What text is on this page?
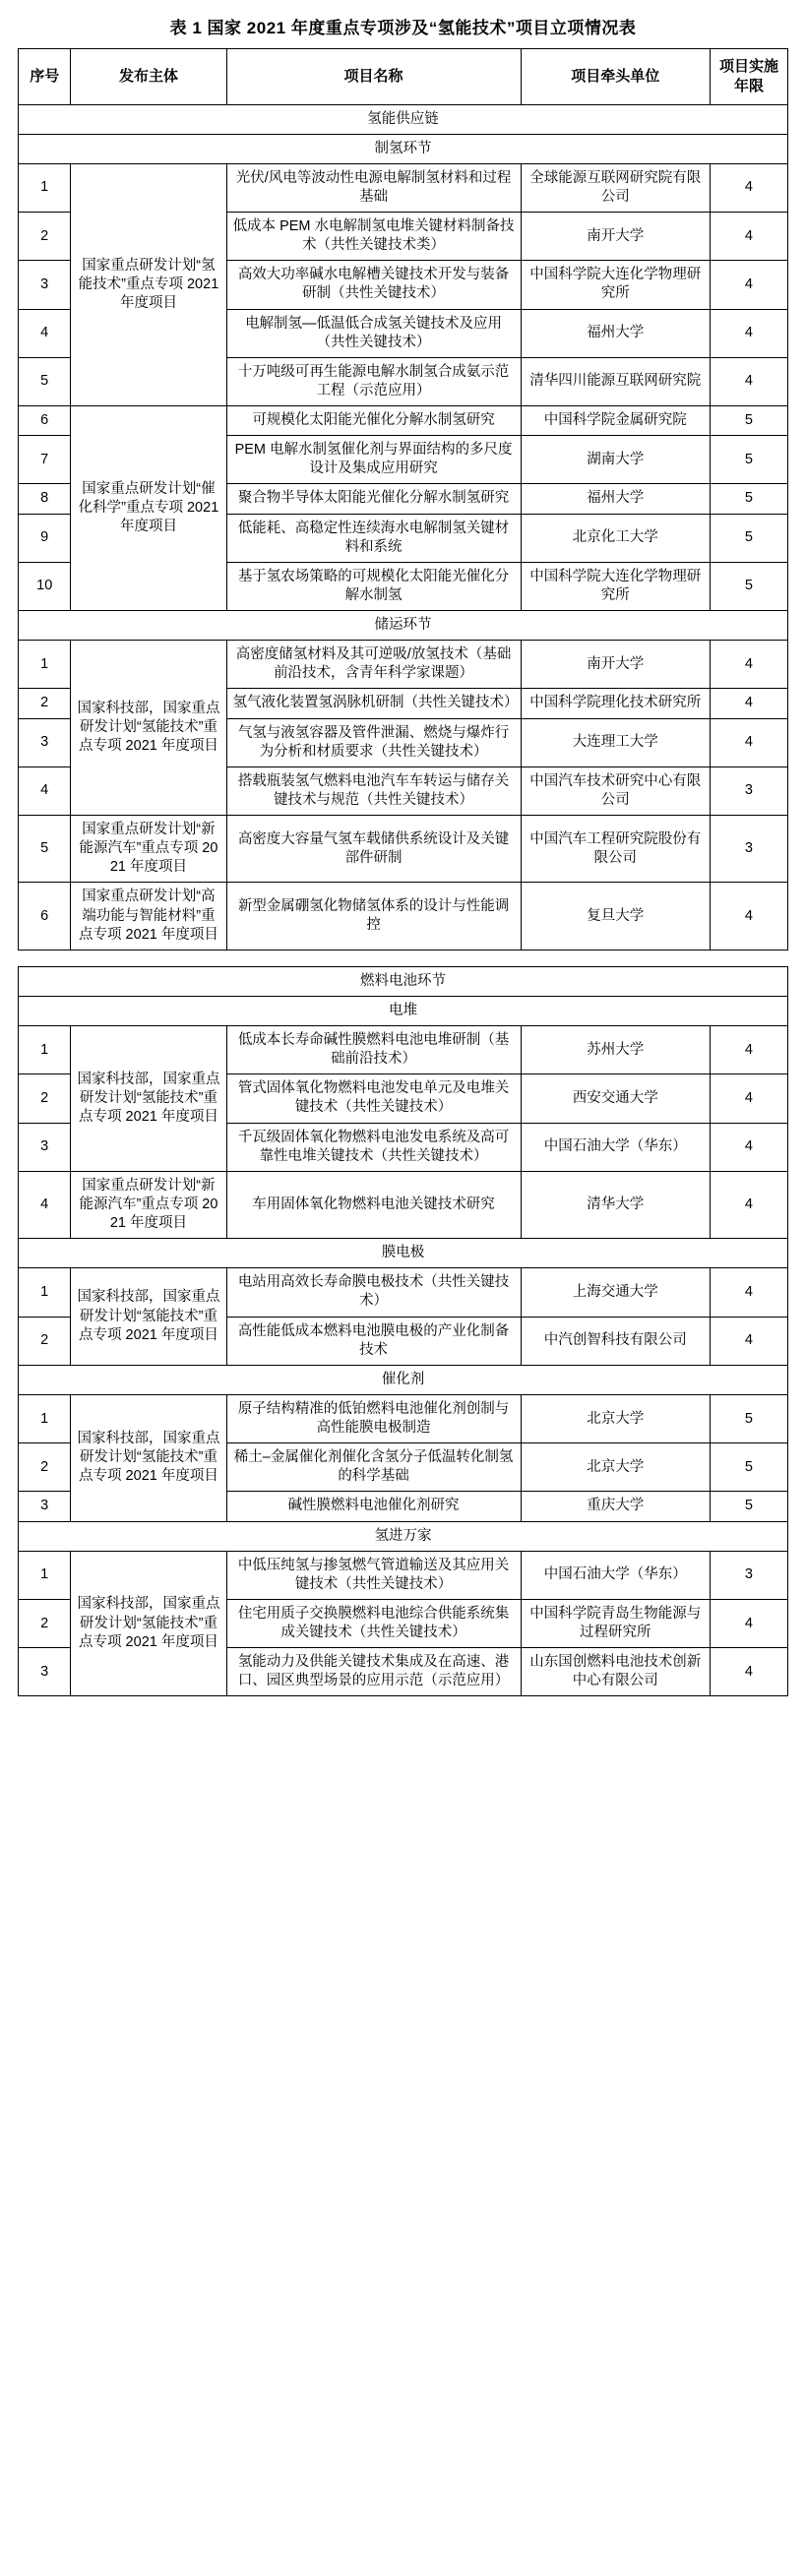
表 1 国家 2021 年度重点专项涉及“氢能技术”项目立项情况表
序号	发布主体	项目名称	项目牵头单位	项目实施年限
氢能供应链				
制氢环节				
1	国家重点研发计划“氢能技术”重点专项 2021 年度项目	光伏/风电等波动性电源电解制氢材料和过程基础	全球能源互联网研究院有限公司	4
2		低成本 PEM 水电解制氢电堆关键材料制备技术（共性关键技术类）	南开大学	4
3		高效大功率碱水电解槽关键技术开发与装备研制（共性关键技术）	中国科学院大连化学物理研究所	4
4		电解制氢—低温低合成氢关键技术及应用（共性关键技术）	福州大学	4
5		十万吨级可再生能源电解水制氢合成氨示范工程（示范应用）	清华四川能源互联网研究院	4
6	国家重点研发计划“催化科学”重点专项 2021 年度项目	可规模化太阳能光催化分解水制氢研究	中国科学院金属研究院	5
7		PEM 电解水制氢催化剂与界面结构的多尺度设计及集成应用研究	湖南大学	5
8		聚合物半导体太阳能光催化分解水制氢研究	福州大学	5
9		低能耗、高稳定性连续海水电解制氢关键材料和系统	北京化工大学	5
10		基于氢农场策略的可规模化太阳能光催化分解水制氢	中国科学院大连化学物理研究所	5
储运环节				
1	国家科技部，国家重点研发计划“氢能技术”重点专项 2021 年度项目	高密度储氢材料及其可逆吸/放氢技术（基础前沿技术，含青年科学家课题）	南开大学	4
2		氢气液化装置氢涡脉机研制（共性关键技术）	中国科学院理化技术研究所	4
3		气氢与液氢容器及管件泄漏、燃烧与爆炸行为分析和材质要求（共性关键技术）	大连理工大学	4
4		搭载瓶装氢气燃料电池汽车车转运与储存关键技术与规范（共性关键技术）	中国汽车技术研究中心有限公司	3
5	国家重点研发计划“新能源汽车”重点专项 2021 年度项目	高密度大容量气氢车载储供系统设计及关键部件研制	中国汽车工程研究院股份有限公司	3
6	国家重点研发计划“高端功能与智能材料”重点专项 2021 年度项目	新型金属硼氢化物储氢体系的设计与性能调控	复旦大学	4
燃料电池环节				
电堆				
1	国家科技部，国家重点研发计划“氢能技术”重点专项 2021 年度项目	低成本长寿命碱性膜燃料电池电堆研制（基础前沿技术）	苏州大学	4
2		管式固体氧化物燃料电池发电单元及电堆关键技术（共性关键技术）	西安交通大学	4
3		千瓦级固体氧化物燃料电池发电系统及高可靠性电堆关键技术（共性关键技术）	中国石油大学（华东）	4
4	国家重点研发计划“新能源汽车”重点专项 2021 年度项目	车用固体氧化物燃料电池关键技术研究	清华大学	4
膜电极				
1	国家科技部，国家重点研发计划“氢能技术”重点专项 2021 年度项目	电站用高效长寿命膜电极技术（共性关键技术）	上海交通大学	4
2		高性能低成本燃料电池膜电极的产业化制备技术	中汽创智科技有限公司	4
催化剂				
1	国家科技部，国家重点研发计划“氢能技术”重点专项 2021 年度项目	原子结构精准的低铂燃料电池催化剂创制与高性能膜电极制造	北京大学	5
2		稀土–金属催化剂催化含氢分子低温转化制氢的科学基础	北京大学	5
3		碱性膜燃料电池催化剂研究	重庆大学	5
氢进万家				
1	国家科技部，国家重点研发计划“氢能技术”重点专项 2021 年度项目	中低压纯氢与掺氢燃气管道输送及其应用关键技术（共性关键技术）	中国石油大学（华东）	3
2		住宅用质子交换膜燃料电池综合供能系统集成关键技术（共性关键技术）	中国科学院青岛生物能源与过程研究所	4
3		氢能动力及供能关键技术集成及在高速、港口、园区典型场景的应用示范（示范应用）	山东国创燃料电池技术创新中心有限公司	4
